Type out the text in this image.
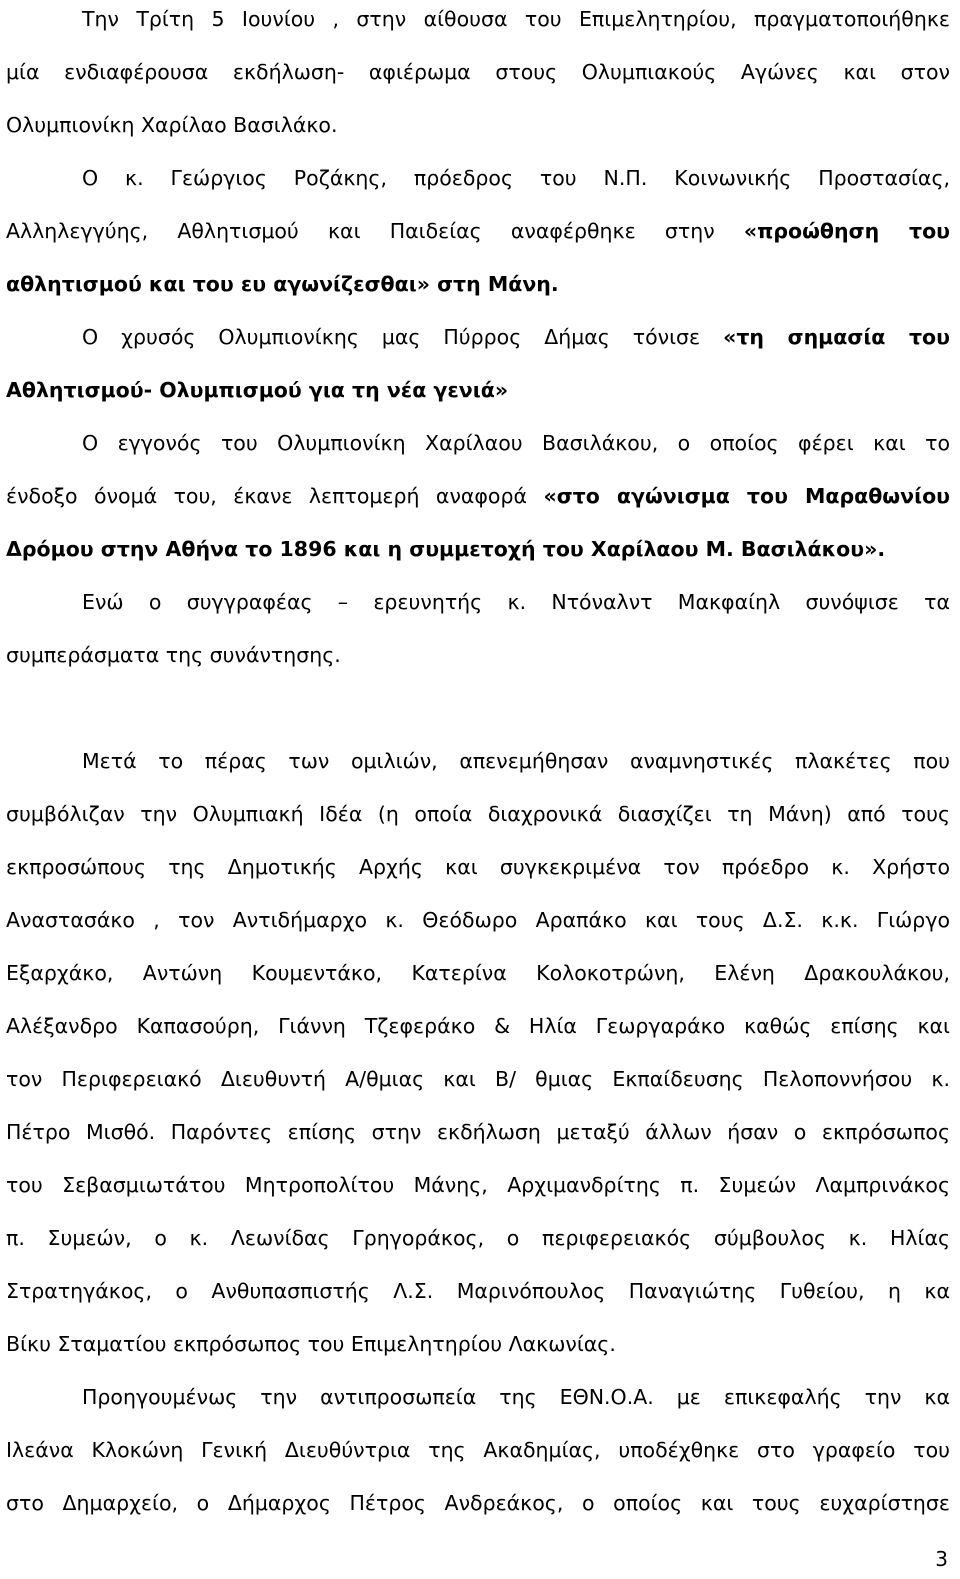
Την Τρίτη 5 Ιουνίου , στην αίθουσα του Επιμελητηρίου, πραγματοποιήθηκε
μία ενδιαφέρουσα εκδήλωση- αφιέρωμα στους Ολυμπιακούς Αγώνες και στον
Ολυμπιονίκη Χαρίλαο Βασιλάκο.
Ο κ. Γεώργιος Ροζάκης, πρόεδρος του Ν.Π. Κοινωνικής Προστασίας,
Αλληλεγγύης, Αθλητισμού και Παιδείας αναφέρθηκε στην «προώθηση του
αθλητισμού και του ευ αγωνίζεσθαι» στη Μάνη.
Ο χρυσός Ολυμπιονίκης μας Πύρρος Δήμας τόνισε «τη σημασία του
Αθλητισμού- Ολυμπισμού για τη νέα γενιά»
Ο εγγονός του Ολυμπιονίκη Χαρίλαου Βασιλάκου, ο οποίος φέρει και το
ένδοξο όνομά του, έκανε λεπτομερή αναφορά «στο αγώνισμα του Μαραθωνίου
Δρόμου στην Αθήνα το 1896 και η συμμετοχή του Χαρίλαου Μ. Βασιλάκου».
Ενώ ο συγγραφέας – ερευνητής κ. Ντόναλντ Μακφαίηλ συνόψισε τα
συμπεράσματα της συνάντησης.
Μετά το πέρας των ομιλιών, απενεμήθησαν αναμνηστικές πλακέτες που
συμβόλιζαν την Ολυμπιακή Ιδέα (η οποία διαχρονικά διασχίζει τη Μάνη) από τους
εκπροσώπους της Δημοτικής Αρχής και συγκεκριμένα τον πρόεδρο κ. Χρήστο
Αναστασάκο , τον Αντιδήμαρχο κ. Θεόδωρο Αραπάκο και τους Δ.Σ. κ.κ. Γιώργο
Εξαρχάκο, Αντώνη Κουμεντάκο, Κατερίνα Κολοκοτρώνη, Ελένη Δρακουλάκου,
Αλέξανδρο Καπασούρη, Γιάννη Τζεφεράκο & Ηλία Γεωργαράκο καθώς επίσης και
τον Περιφερειακό Διευθυντή Α/θμιας και Β/ θμιας Εκπαίδευσης Πελοποννήσου κ.
Πέτρο Μισθό. Παρόντες επίσης στην εκδήλωση μεταξύ άλλων ήσαν ο εκπρόσωπος
του Σεβασμιωτάτου Μητροπολίτου Μάνης, Αρχιμανδρίτης π. Συμεών Λαμπρινάκος
π. Συμεών, ο κ. Λεωνίδας Γρηγοράκος, ο περιφερειακός σύμβουλος κ. Ηλίας
Στρατηγάκος, ο Ανθυπασπιστής Λ.Σ. Μαρινόπουλος Παναγιώτης Γυθείου, η κα
Βίκυ Σταματίου εκπρόσωπος του Επιμελητηρίου Λακωνίας.
Προηγουμένως την αντιπροσωπεία της ΕΘΝ.Ο.Α. με επικεφαλής την κα
Ιλεάνα Κλοκώνη Γενική Διευθύντρια της Ακαδημίας, υποδέχθηκε στο γραφείο του
στο Δημαρχείο, ο Δήμαρχος Πέτρος Ανδρεάκος, ο οποίος και τους ευχαρίστησε
3
